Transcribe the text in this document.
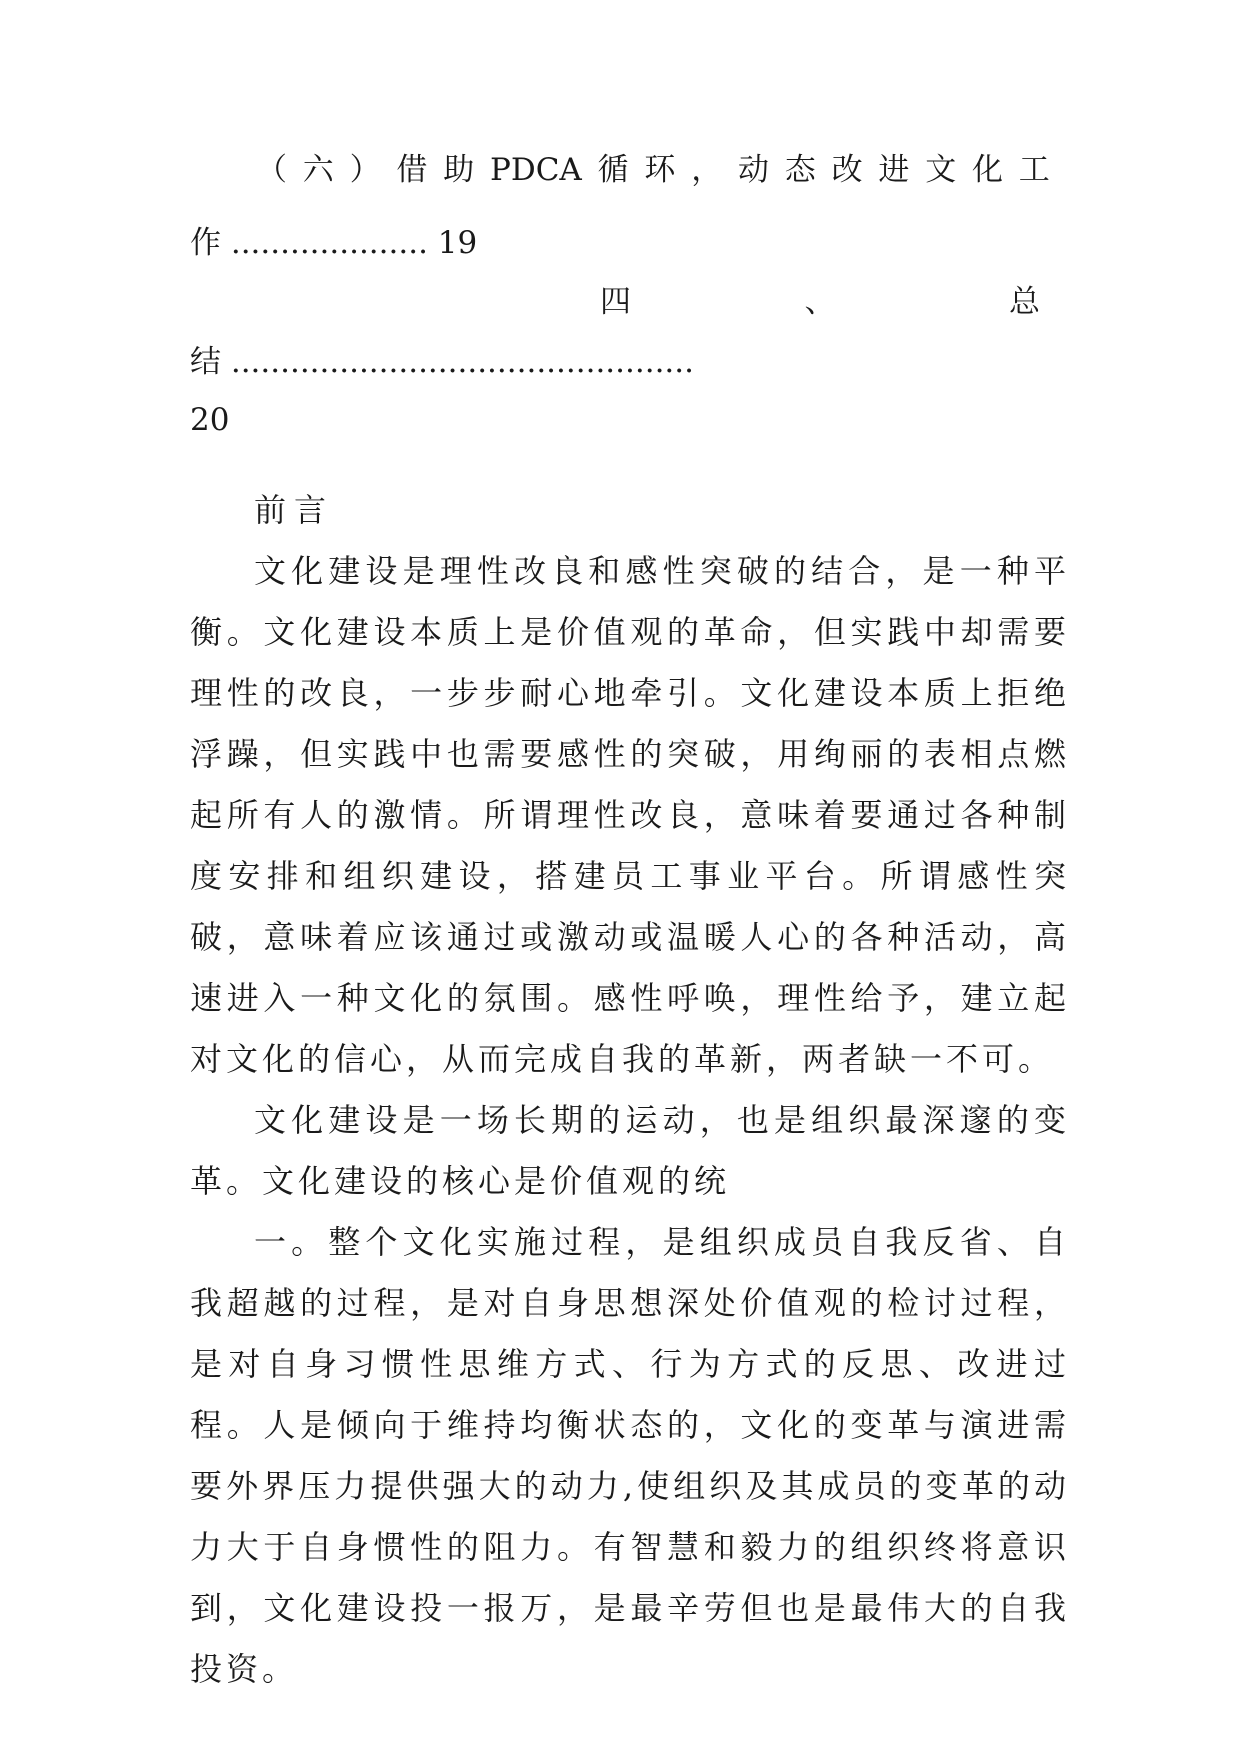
（ 六 ） 借 助 PDCA 循 环 ， 动 态 改 进 文 化 工
作 .................... 19
四	、	总
结 ...............................................
20

前言

文化建设是理性改良和感性突破的结合，是一种平衡。文化建设本质上是价值观的革命，但实践中却需要理性的改良，一步步耐心地牵引。文化建设本质上拒绝浮躁，但实践中也需要感性的突破，用绚丽的表相点燃起所有人的激情。所谓理性改良，意味着要通过各种制度安排和组织建设，搭建员工事业平台。所谓感性突破，意味着应该通过或激动或温暖人心的各种活动，高速进入一种文化的氛围。感性呼唤，理性给予，建立起对文化的信心，从而完成自我的革新，两者缺一不可。

文化建设是一场长期的运动，也是组织最深邃的变革。文化建设的核心是价值观的统

一。整个文化实施过程，是组织成员自我反省、自我超越的过程，是对自身思想深处价值观的检讨过程，是对自身习惯性思维方式、行为方式的反思、改进过程。人是倾向于维持均衡状态的，文化的变革与演进需要外界压力提供强大的动力,使组织及其成员的变革的动力大于自身惯性的阻力。有智慧和毅力的组织终将意识到，文化建设投一报万，是最辛劳但也是最伟大的自我投资。
